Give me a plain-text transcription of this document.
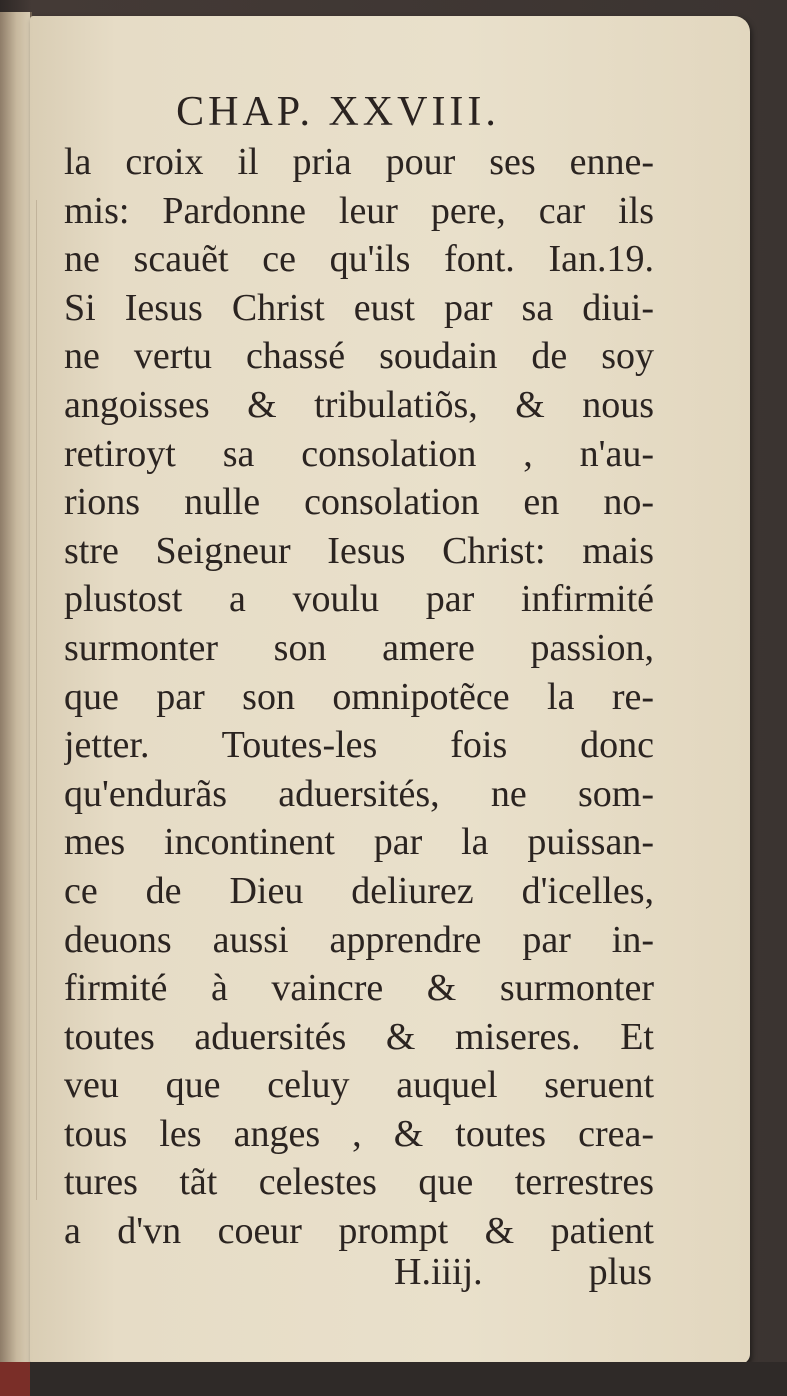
CHAP. XXVIII.
la croix il pria pour ses enne-
mis: Pardonne leur pere, car ils
ne scauẽt ce qu'ils font. Ian.19.
Si Iesus Christ eust par sa diui-
ne vertu chassé soudain de soy
angoisses & tribulatiõs, & nous
retiroyt sa consolation , n'au-
rions nulle consolation en no-
stre Seigneur Iesus Christ: mais
plustost a voulu par infirmité
surmonter son amere passion,
que par son omnipotẽce la re-
jetter. Toutes-les fois donc
qu'endurãs aduersités, ne som-
mes incontinent par la puissan-
ce de Dieu deliurez d'icelles,
deuons aussi apprendre par in-
firmité à vaincre & surmonter
toutes aduersités & miseres. Et
veu que celuy auquel seruent
tous les anges , & toutes crea-
tures tãt celestes que terrestres
a d'vn coeur prompt & patient
H.iiij.	plus
